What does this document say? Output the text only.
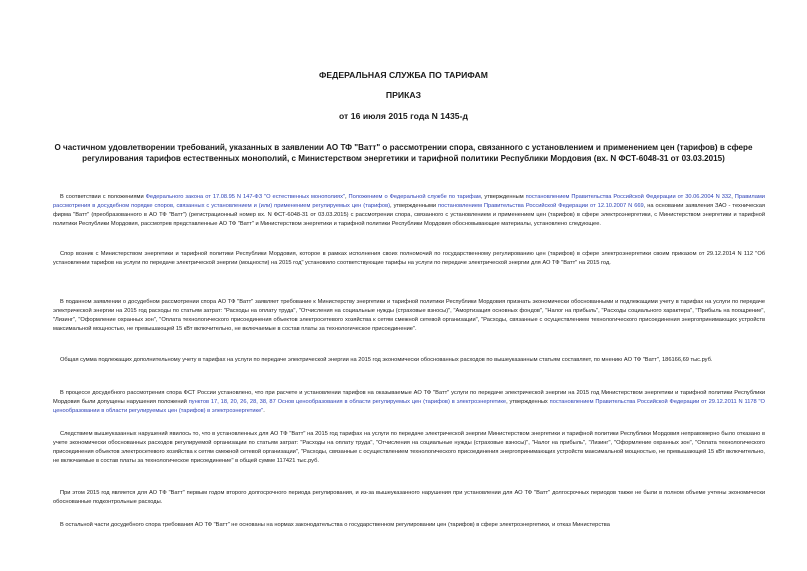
ФЕДЕРАЛЬНАЯ СЛУЖБА ПО ТАРИФАМ
ПРИКАЗ
от 16 июля 2015 года N 1435-д
О частичном удовлетворении требований, указанных в заявлении АО ТФ "Ватт" о рассмотрении спора, связанного с установлением и применением цен (тарифов) в сфере регулирования тарифов естественных монополий, с Министерством энергетики и тарифной политики Республики Мордовия (вх. N ФСТ-6048-31 от 03.03.2015)
В соответствии с положениями Федерального закона от 17.08.95 N 147-ФЗ "О естественных монополиях", Положением о Федеральной службе по тарифам, утвержденным постановлением Правительства Российской Федерации от 30.06.2004 N 332, Правилами рассмотрения в досудебном порядке споров, связанных с установлением и (или) применением регулируемых цен (тарифов), утвержденными постановлением Правительства Российской Федерации от 12.10.2007 N 669, на основании заявления ЗАО - техническая фирма "Ватт" (преобразованного в АО ТФ "Ватт") (регистрационный номер вх. N ФСТ-6048-31 от 03.03.2015) с рассмотрении спора, связанного с установлением и применением цен (тарифов) в сфере электроэнергетики, с Министерством энергетики и тарифной политики Республики Мордовия, рассмотрев представленные АО ТФ "Ватт" и Министерством энергетики и тарифной политики Республики Мордовия обосновывающие материалы, установлено следующее.
Спор возник с Министерством энергетики и тарифной политики Республики Мордовия, которое в рамках исполнения своих полномочий по государственному регулированию цен (тарифов) в сфере электроэнергетики своим приказом от 29.12.2014 N 112 "Об установлении тарифов на услуги по передаче электрической энергии (мощности) на 2015 год" установило соответствующие тарифы на услуги по передаче электрической энергии для АО ТФ "Ватт" на 2015 год.
В поданном заявлении о досудебном рассмотрении спора АО ТФ "Ватт" заявляет требование к Министерству энергетики и тарифной политики Республики Мордовия признать экономически обоснованными и подлежащими учету в тарифах на услуги по передаче электрической энергии на 2015 год расходы по статьям затрат: "Расходы на оплату труда", "Отчисления на социальные нужды (страховые взносы)", "Амортизация основных фондов", "Налог на прибыль", "Расходы социального характера", "Прибыль на поощрение", "Лизинг", "Оформление охранных зон", "Оплата технологического присоединения объектов электросетевого хозяйства к сетям смежной сетевой организации", "Расходы, связанные с осуществлением технологического присоединения энергопринимающих устройств максимальной мощностью, не превышающей 15 кВт включительно, не включаемые в состав платы за технологическое присоединение".
Общая сумма подлежащих дополнительному учету в тарифах на услуги по передаче электрической энергии на 2015 год экономически обоснованных расходов по вышеуказанным статьям составляет, по мнению АО ТФ "Ватт", 186166,69 тыс.руб.
В процессе досудебного рассмотрения спора ФСТ России установлено, что при расчете и установлении тарифов на оказываемые АО ТФ "Ватт" услуги по передаче электрической энергии на 2015 год Министерством энергетики и тарифной политики Республики Мордовия были допущены нарушения положений пунктов 17, 18, 20, 26, 28, 38, 87 Основ ценообразования в области регулируемых цен (тарифов) в электроэнергетике, утвержденных постановлением Правительства Российской Федерации от 29.12.2011 N 1178 "О ценообразовании в области регулируемых цен (тарифов) в электроэнергетике".
Следствием вышеуказанных нарушений явилось то, что в установленных для АО ТФ "Ватт" на 2015 год тарифах на услуги по передаче электрической энергии Министерством энергетики и тарифной политики Республики Мордовия неправомерно было отказано в учете экономически обоснованных расходов регулируемой организации по статьям затрат: "Расходы на оплату труда", "Отчисления на социальные нужды (страховые взносы)", "Налог на прибыль", "Лизинг", "Оформление охранных зон", "Оплата технологического присоединения объектов электросетевого хозяйства к сетям смежной сетевой организации", "Расходы, связанные с осуществлением технологического присоединения энергопринимающих устройств максимальной мощностью, не превышающей 15 кВт включительно, не включаемые в состав платы за технологическое присоединение" в общей сумме 117421 тыс.руб.
При этом 2015 год является для АО ТФ "Ватт" первым годом второго долгосрочного периода регулирования, и из-за вышеуказанного нарушения при установлении для АО ТФ "Ватт" долгосрочных периодов также не были в полном объеме учтены экономически обоснованные подконтрольные расходы.
В остальной части досудебного спора требования АО ТФ "Ватт" не основаны на нормах законодательства о государственном регулировании цен (тарифов) в сфере электроэнергетики, и отказ Министерства
